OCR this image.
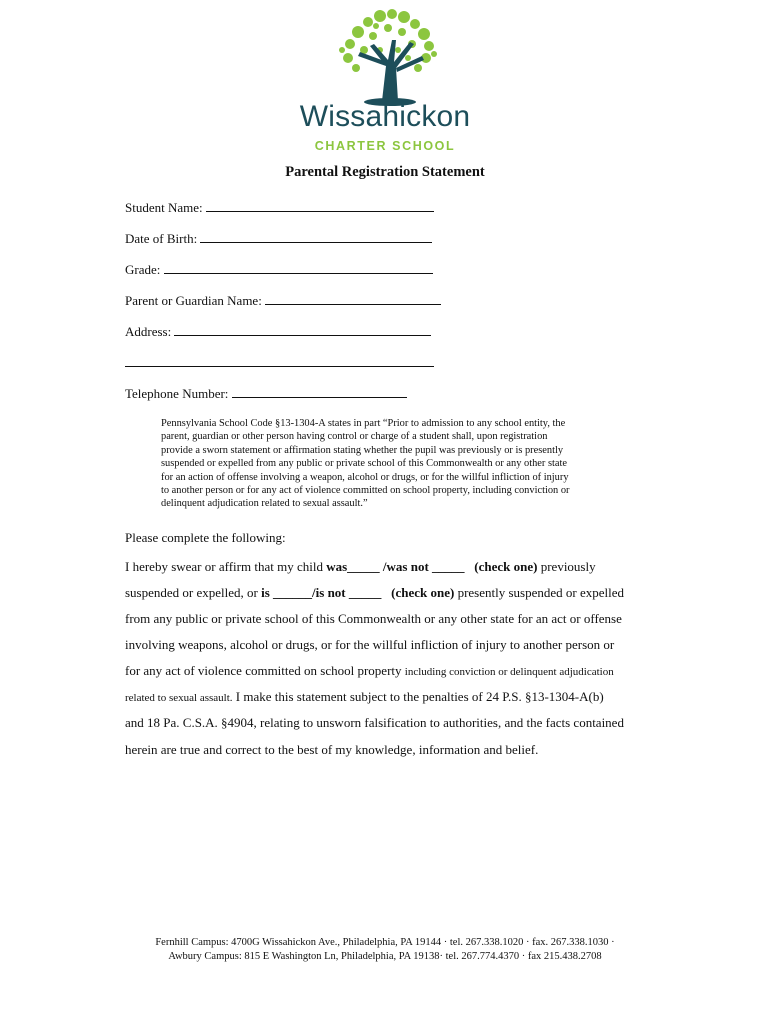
Wissahickon
CHARTER SCHOOL
Parental Registration Statement
Student Name:
Date of Birth:
Grade:
Parent or Guardian Name:
Address:
Telephone Number:
Pennsylvania School Code §13-1304-A states in part “Prior to admission to any school entity, the
parent, guardian or other person having control or charge of a student shall, upon registration
provide a sworn statement or affirmation stating whether the pupil was previously or is presently
suspended or expelled from any public or private school of this Commonwealth or any other state
for an action of offense involving a weapon, alcohol or drugs, or for the willful infliction of injury
to another person or for any act of violence committed on school property, including conviction or
delinquent adjudication related to sexual assault.”
Please complete the following:
I hereby swear or affirm that my child was_____ /was not _____ (check one) previously
suspended or expelled, or is ______/is not _____ (check one) presently suspended or expelled
from any public or private school of this Commonwealth or any other state for an act or offense
involving weapons, alcohol or drugs, or for the willful infliction of injury to another person or
for any act of violence committed on school property including conviction or delinquent adjudication
related to sexual assault. I make this statement subject to the penalties of 24 P.S. §13-1304-A(b)
and 18 Pa. C.S.A. §4904, relating to unsworn falsification to authorities, and the facts contained
herein are true and correct to the best of my knowledge, information and belief.
Fernhill Campus: 4700G Wissahickon Ave., Philadelphia, PA 19144 · tel. 267.338.1020 · fax. 267.338.1030 ·
Awbury Campus: 815 E Washington Ln, Philadelphia, PA 19138· tel. 267.774.4370 · fax 215.438.2708
